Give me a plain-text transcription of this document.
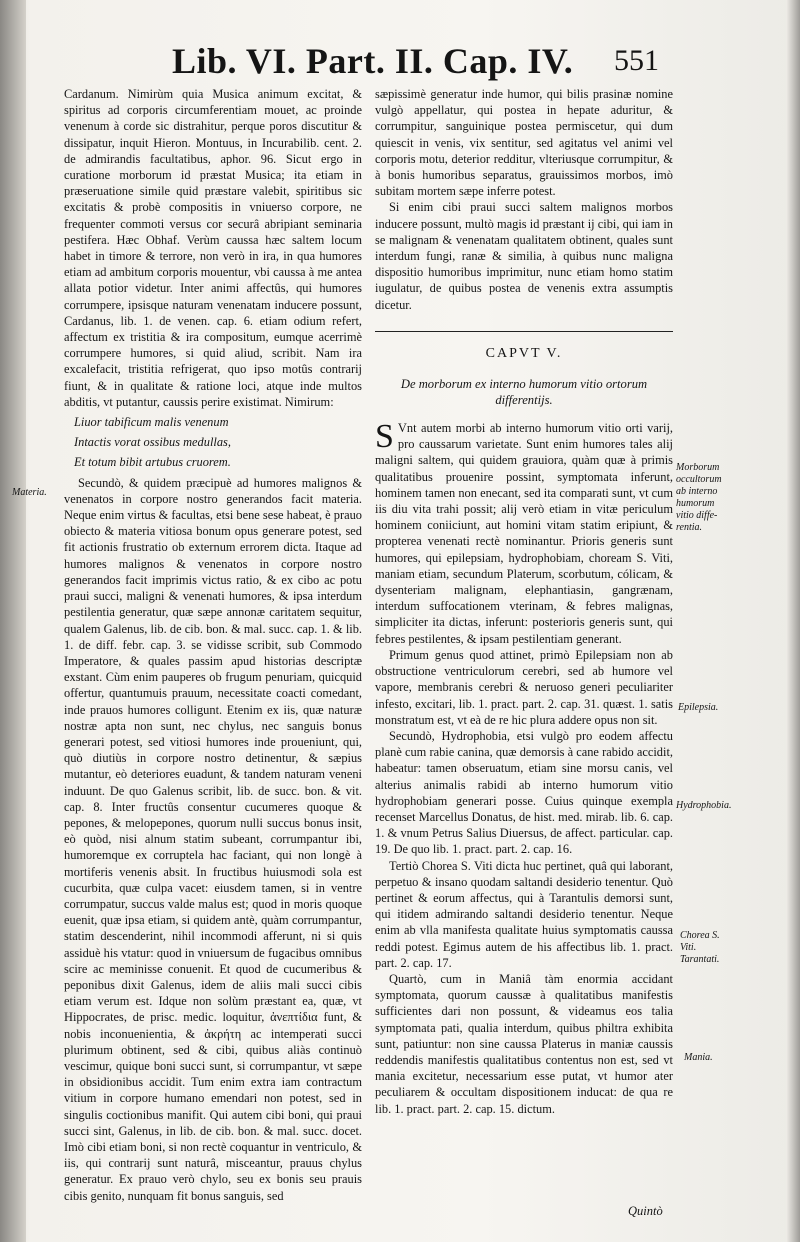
Lib. VI. Part. II. Cap. IV. 551

Cardanum. Nimirùm quia Musica animum excitat, & spiritus ad corporis circumferentiam mouet, ac proinde venenum à corde sic distrahitur, perque poros discutitur & dissipatur, inquit Hieron. Montuus, in Incurabilib. cent. 2. de admirandis facultatibus, aphor. 96. Sicut ergo in curatione morborum id præstat Musica; ita etiam in præseruatione simile quid præstare valebit, spiritibus sic excitatis & probè compositis in vniuerso corpore, ne frequenter commoti versus cor securâ abripiant seminaria pestifera. Hæc Obhaf. Verùm caussa hæc saltem locum habet in timore & terrore, non verò in ira, in qua humores etiam ad ambitum corporis mouentur, vbi caussa à me antea allata potior videtur. Inter animi affectûs, qui humores corrumpere, ipsisque naturam venenatam inducere possunt, Cardanus, lib. 1. de venen. cap. 6. etiam odium refert, affectum ex tristitia & ira compositum, eumque acerrimè corrumpere humores, si quid aliud, scribit. Nam ira excalefacit, tristitia refrigerat, quo ipso motûs contrarij fiunt, & in qualitate & ratione loci, atque inde multos abditis, vt putantur, caussis perire existimat. Nimirum:

Liuor tabificum malis venenum

Intactis vorat ossibus medullas,

Et totum bibit artubus cruorem.

Secundò, & quidem præcipuè ad humores malignos & venenatos in corpore nostro generandos facit materia. Neque enim virtus & facultas, etsi bene sese habeat, è prauo obiecto & materia vitiosa bonum opus generare potest, sed fit actionis frustratio ob externum errorem dicta. Itaque ad humores malignos & venenatos in corpore nostro generandos facit imprimis victus ratio, & ex cibo ac potu praui succi, maligni & venenati humores, & ipsa interdum pestilentia generatur, quæ sæpe annonæ caritatem sequitur, qualem Galenus, lib. de cib. bon. & mal. succ. cap. 1. & lib. 1. de diff. febr. cap. 3. se vidisse scribit, sub Commodo Imperatore, & quales passim apud historias descriptæ exstant. Cùm enim pauperes ob frugum penuriam, quicquid offertur, quantumuis prauum, necessitate coacti comedant, inde prauos humores colligunt. Etenim ex iis, quæ naturæ nostræ apta non sunt, nec chylus, nec sanguis bonus generari potest, sed vitiosi humores inde proueniunt, qui, quò diutiùs in corpore nostro detinentur, & sæpius mutantur, eò deteriores euadunt, & tandem naturam veneni induunt. De quo Galenus scribit, lib. de succ. bon. & vit. cap. 8. Inter fructûs consentur cucumeres quoque & pepones, & melopepones, quorum nulli succus bonus insit, eò quòd, nisi alnum statim subeant, corrumpantur ibi, humoremque ex corruptela hac faciant, qui non longè à mortiferis venenis absit. In fructibus huiusmodi sola est cucurbita, quæ culpa vacet: eiusdem tamen, si in ventre corrumpatur, succus valde malus est; quod in moris quoque euenit, quæ ipsa etiam, si quidem antè, quàm corrumpantur, statim descenderint, nihil incommodi afferunt, ni si quis assiduè his vtatur: quod in vniuersum de fugacibus omnibus scire ac meminisse conuenit. Et quod de cucumeribus & peponibus dixit Galenus, idem de aliis mali succi cibis etiam verum est. Idque non solùm præstant ea, quæ, vt Hippocrates, de prisc. medic. loquitur, ἀνεπτίδια funt, & nobis inconuenientia, & ἀκρήτη ac intemperati succi plurimum obtinent, sed & cibi, quibus aliàs continuò vescimur, quique boni succi sunt, si corrumpantur, vt sæpe in obsidionibus accidit. Tum enim extra iam contractum vitium in corpore humano emendari non potest, sed in singulis coctionibus manifit. Qui autem cibi boni, qui praui succi sint, Galenus, in lib. de cib. bon. & mal. succ. docet. Imò cibi etiam boni, si non rectè coquantur in ventriculo, & iis, qui contrarij sunt naturâ, misceantur, prauus chylus generatur. Ex prauo verò chylo, seu ex bonis seu prauis cibis genito, nunquam fit bonus sanguis, sed

sæpissimè generatur inde humor, qui bilis prasinæ nomine vulgò appellatur, qui postea in hepate aduritur, & corrumpitur, sanguinique postea permiscetur, qui dum quiescit in venis, vix sentitur, sed agitatus vel animi vel corporis motu, deterior redditur, vlteriusque corrumpitur, & à bonis humoribus separatus, grauissimos morbos, imò subitam mortem sæpe inferre potest.

Si enim cibi praui succi saltem malignos morbos inducere possunt, multò magis id præstant ij cibi, qui iam in se malignam & venenatam qualitatem obtinent, quales sunt interdum fungi, ranæ & similia, à quibus nunc maligna dispositio humoribus imprimitur, nunc etiam homo statim iugulatur, de quibus postea de venenis extra assumptis dicetur.

CAPVT V.

De morborum ex interno humorum vitio ortorum differentijs.

S Vnt autem morbi ab interno humorum vitio orti varij, pro caussarum varietate. Sunt enim humores tales alij maligni saltem, qui quidem grauiora, quàm quæ à primis qualitatibus prouenire possint, symptomata inferunt, hominem tamen non enecant, sed ita comparati sunt, vt cum iis diu vita trahi possit; alij verò etiam in vitæ periculum hominem coniiciunt, aut homini vitam statim eripiunt, & propterea venenati rectè nominantur. Prioris generis sunt humores, qui epilepsiam, hydrophobiam, choream S. Viti, maniam etiam, secundum Platerum, scorbutum, cólicam, & dysenteriam malignam, elephantiasin, gangrænam, interdum suffocationem vterinam, & febres malignas, simpliciter ita dictas, inferunt: posterioris generis sunt, qui febres pestilentes, & ipsam pestilentiam generant.

Primum genus quod attinet, primò Epilepsiam non ab obstructione ventriculorum cerebri, sed ab humore vel vapore, membranis cerebri & neruoso generi peculiariter infesto, excitari, lib. 1. pract. part. 2. cap. 31. quæst. 1. satis monstratum est, vt eà de re hic plura addere opus non sit.

Secundò, Hydrophobia, etsi vulgò pro eodem affectu planè cum rabie canina, quæ demorsis à cane rabido accidit, habeatur: tamen obseruatum, etiam sine morsu canis, vel alterius animalis rabidi ab interno humorum vitio hydrophobiam generari posse. Cuius quinque exempla recenset Marcellus Donatus, de hist. med. mirab. lib. 6. cap. 1. & vnum Petrus Salius Diuersus, de affect. particular. cap. 19. De quo lib. 1. pract. part. 2. cap. 16.

Tertiò Chorea S. Viti dicta huc pertinet, quâ qui laborant, perpetuo & insano quodam saltandi desiderio tenentur. Quò pertinet & eorum affectus, qui à Tarantulis demorsi sunt, qui itidem admirando saltandi desiderio tenentur. Neque enim ab vlla manifesta qualitate huius symptomatis caussa reddi potest. Egimus autem de his affectibus lib. 1. pract. part. 2. cap. 17.

Quartò, cum in Maniâ tàm enormia accidant symptomata, quorum caussæ à qualitatibus manifestis sufficientes dari non possunt, & videamus eos talia symptomata pati, qualia interdum, quibus philtra exhibita sunt, patiuntur: non sine caussa Platerus in maniæ caussis reddendis manifestis qualitatibus contentus non est, sed vt mania excitetur, necessarium esse putat, vt humor ater peculiarem & occultam dispositionem inducat: de qua re lib. 1. pract. part. 2. cap. 15. dictum.

Materia.
Morborum
occultorum
ab interno
humorum
vitio diffe-
rentia.
Epilepsia.
Hydrophobia.
Chorea S.
Viti.
Tarantati.
Mania.
Quintò
